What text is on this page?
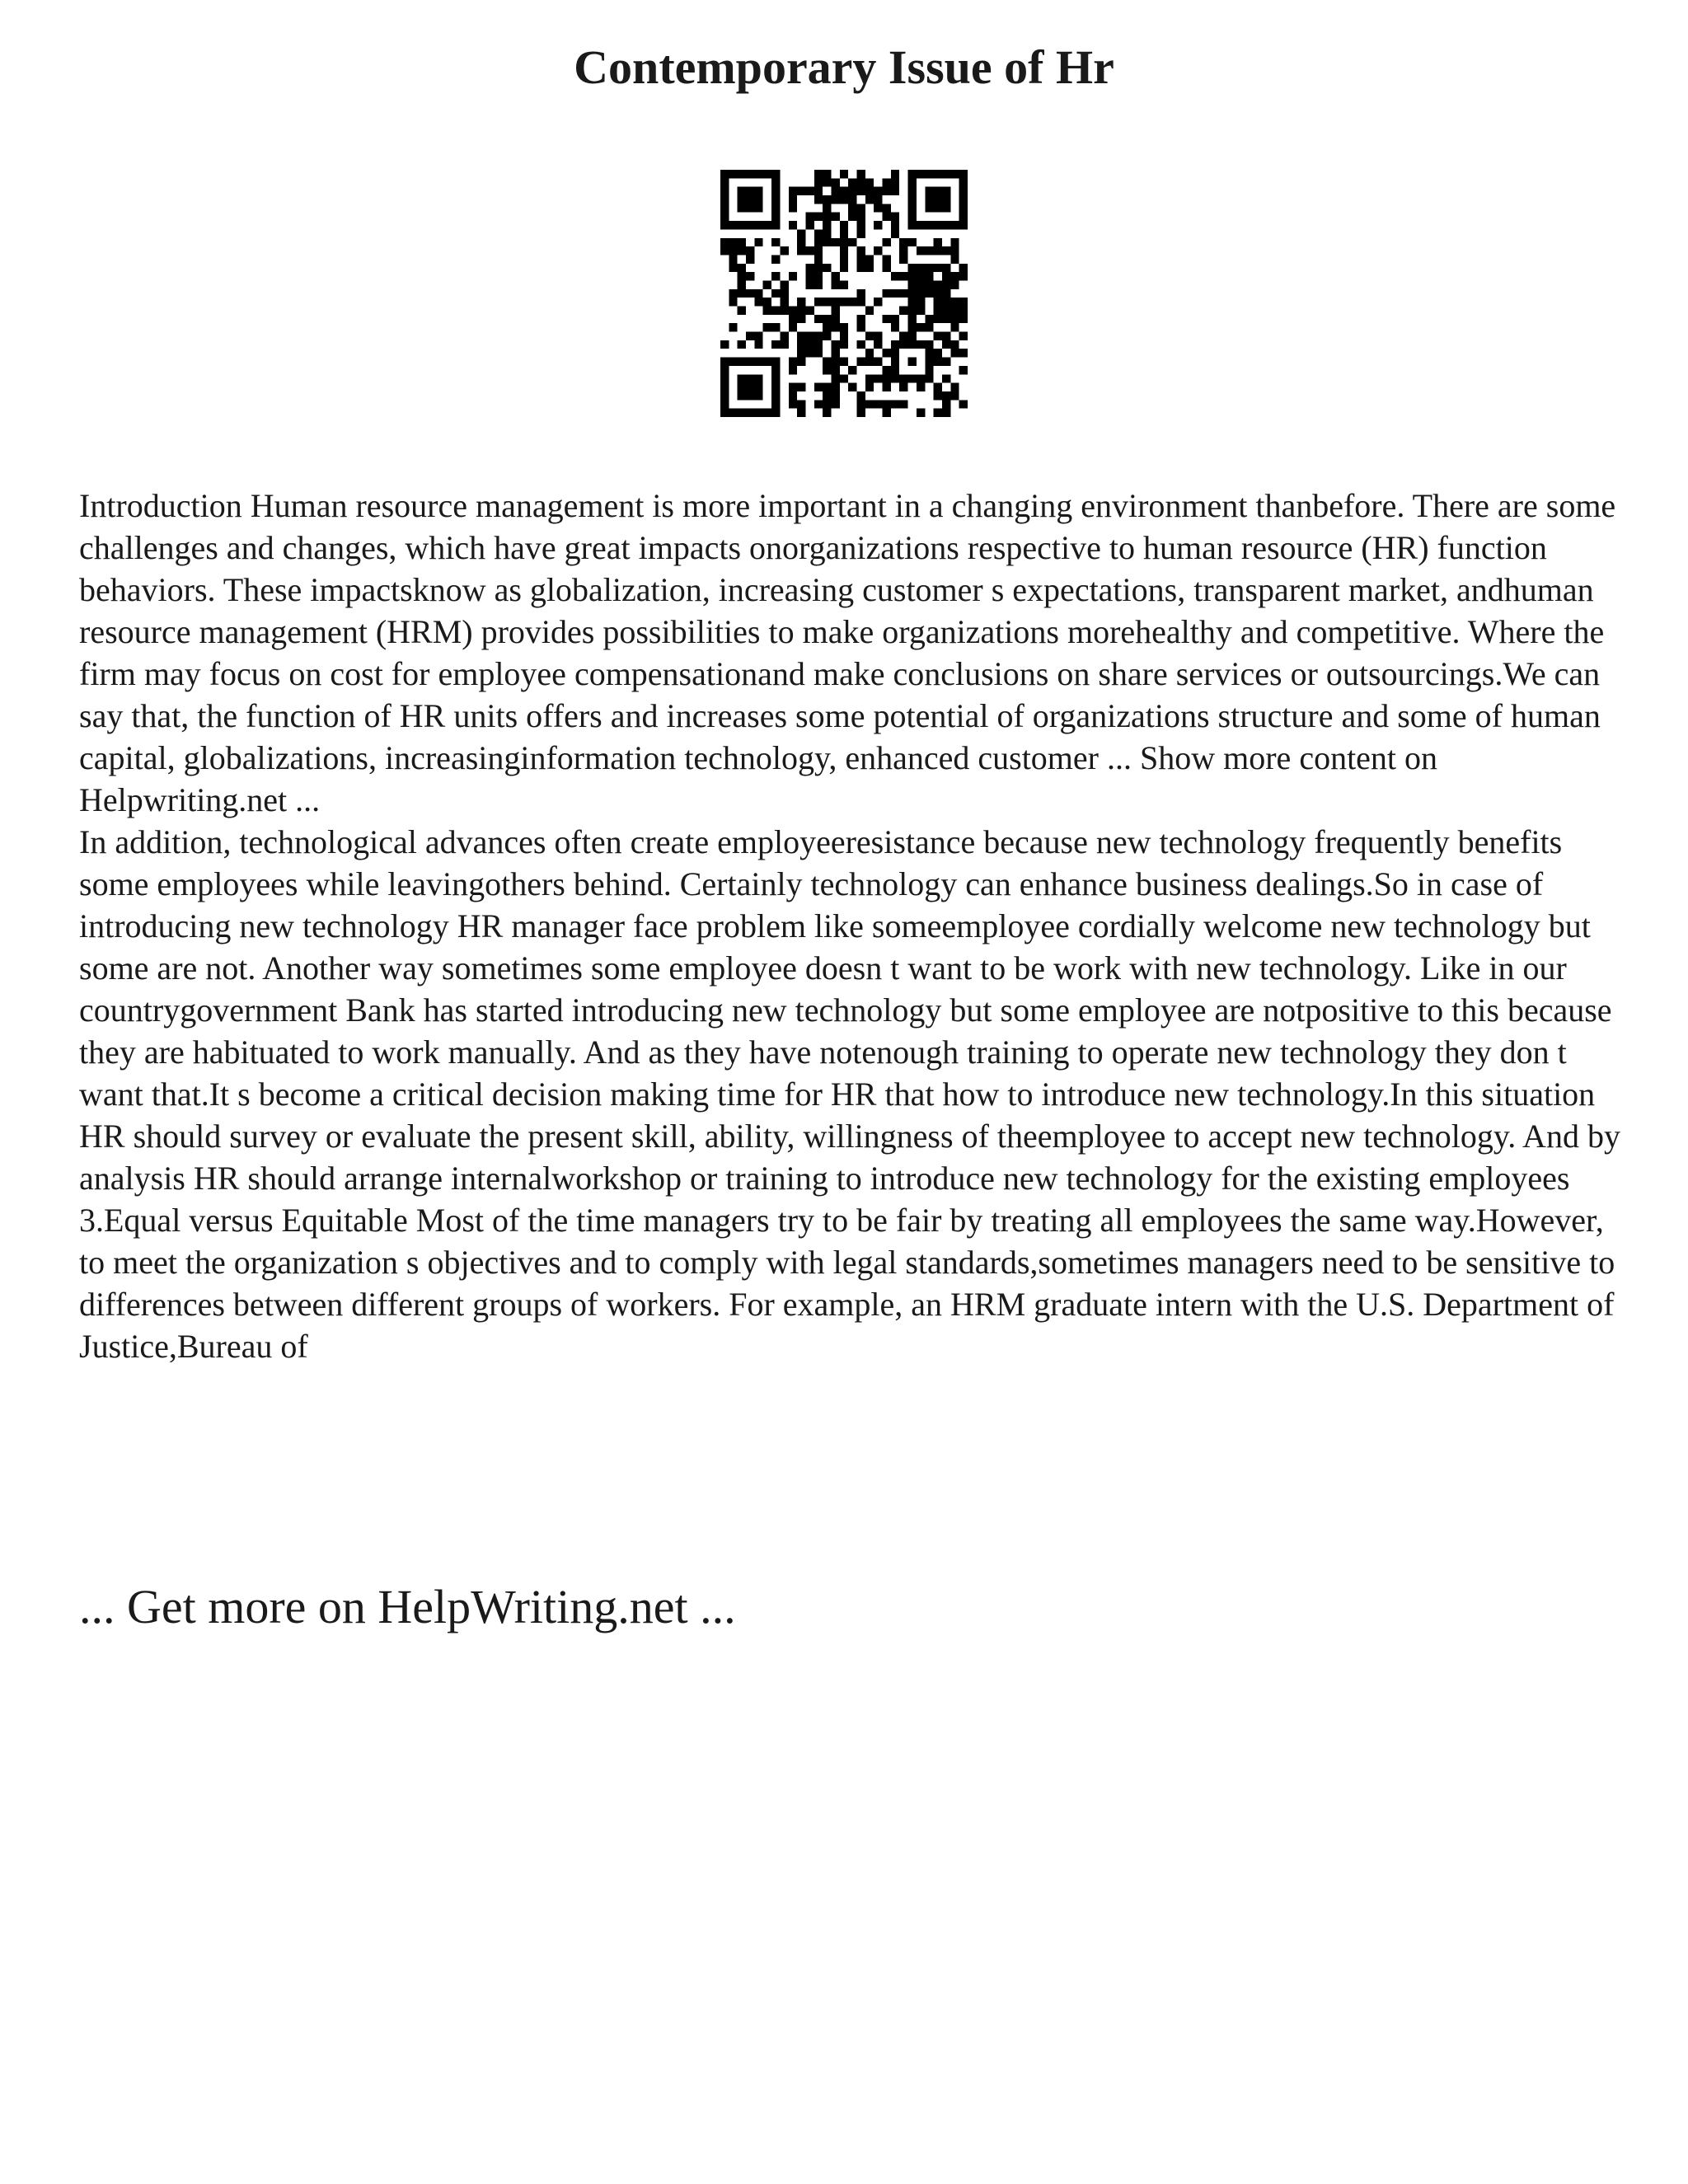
Contemporary Issue of Hr

Introduction Human resource management is more important in a changing environment thanbefore. There are some challenges and changes, which have great impacts onorganizations respective to human resource (HR) function behaviors. These impactsknow as globalization, increasing customer s expectations, transparent market, andhuman resource management (HRM) provides possibilities to make organizations morehealthy and competitive. Where the firm may focus on cost for employee compensationand make conclusions on share services or outsourcings.We can say that, the function of HR units offers and increases some potential of organizations structure and some of human capital, globalizations, increasinginformation technology, enhanced customer ... Show more content on Helpwriting.net ...

In addition, technological advances often create employeeresistance because new technology frequently benefits some employees while leavingothers behind. Certainly technology can enhance business dealings.So in case of introducing new technology HR manager face problem like someemployee cordially welcome new technology but some are not. Another way sometimes some employee doesn t want to be work with new technology. Like in our countrygovernment Bank has started introducing new technology but some employee are notpositive to this because they are habituated to work manually. And as they have notenough training to operate new technology they don t want that.It s become a critical decision making time for HR that how to introduce new technology.In this situation HR should survey or evaluate the present skill, ability, willingness of theemployee to accept new technology. And by analysis HR should arrange internalworkshop or training to introduce new technology for the existing employees 3.Equal versus Equitable Most of the time managers try to be fair by treating all employees the same way.However, to meet the organization s objectives and to comply with legal standards,sometimes managers need to be sensitive to differences between different groups of workers. For example, an HRM graduate intern with the U.S. Department of Justice,Bureau of

... Get more on HelpWriting.net ...
